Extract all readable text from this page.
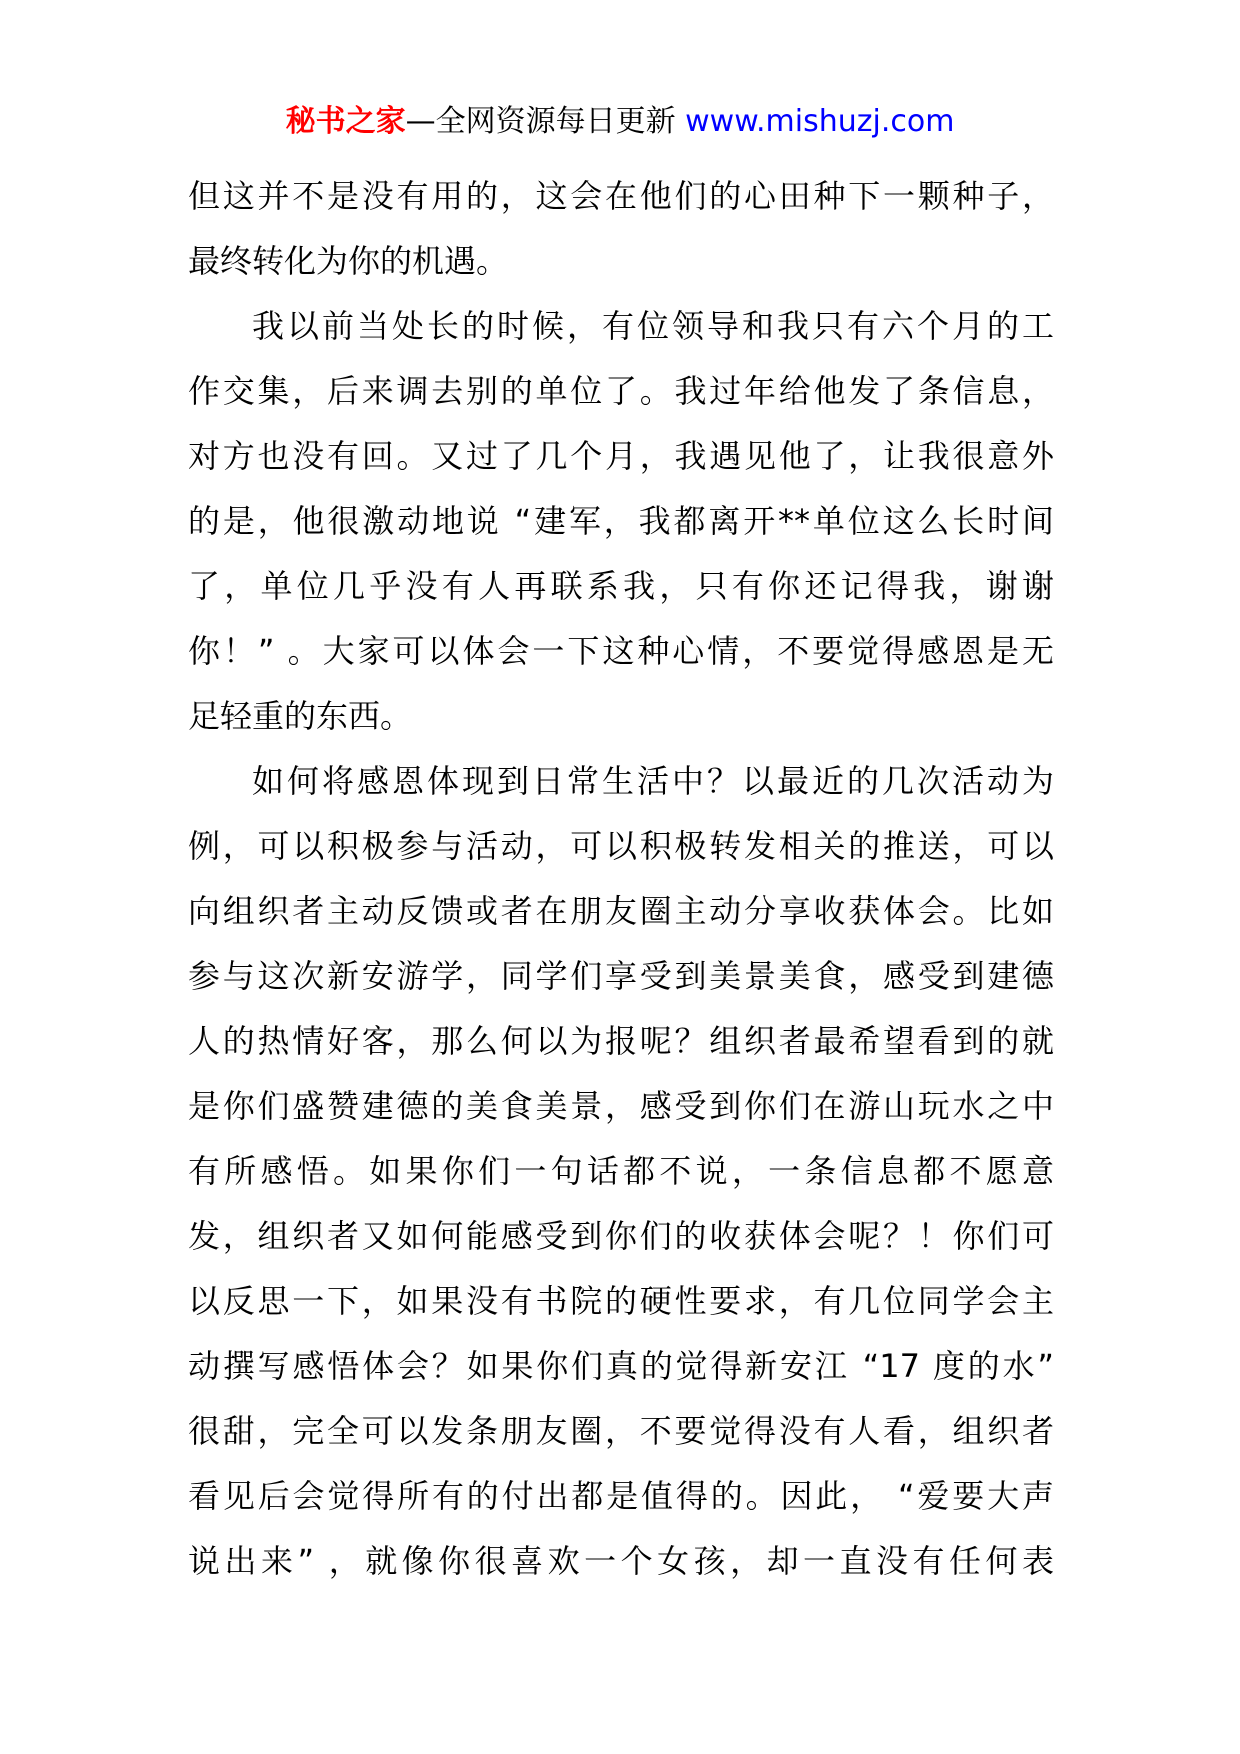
秘书之家—全网资源每日更新 www.mishuzj.com
但这并不是没有用的，这会在他们的心田种下一颗种子，
最终转化为你的机遇。
我以前当处长的时候，有位领导和我只有六个月的工
作交集，后来调去别的单位了。我过年给他发了条信息，
对方也没有回。又过了几个月，我遇见他了，让我很意外
的是，他很激动地说 “建军，我都离开**单位这么长时间
了，单位几乎没有人再联系我，只有你还记得我，谢谢
你！” 。大家可以体会一下这种心情，不要觉得感恩是无
足轻重的东西。
如何将感恩体现到日常生活中？以最近的几次活动为
例，可以积极参与活动，可以积极转发相关的推送，可以
向组织者主动反馈或者在朋友圈主动分享收获体会。比如
参与这次新安游学，同学们享受到美景美食，感受到建德
人的热情好客，那么何以为报呢？组织者最希望看到的就
是你们盛赞建德的美食美景，感受到你们在游山玩水之中
有所感悟。如果你们一句话都不说，一条信息都不愿意
发，组织者又如何能感受到你们的收获体会呢？！你们可
以反思一下，如果没有书院的硬性要求，有几位同学会主
动撰写感悟体会？如果你们真的觉得新安江 “17 度的水”
很甜，完全可以发条朋友圈，不要觉得没有人看，组织者
看见后会觉得所有的付出都是值得的。因此， “爱要大声
说出来” ，就像你很喜欢一个女孩，却一直没有任何表
